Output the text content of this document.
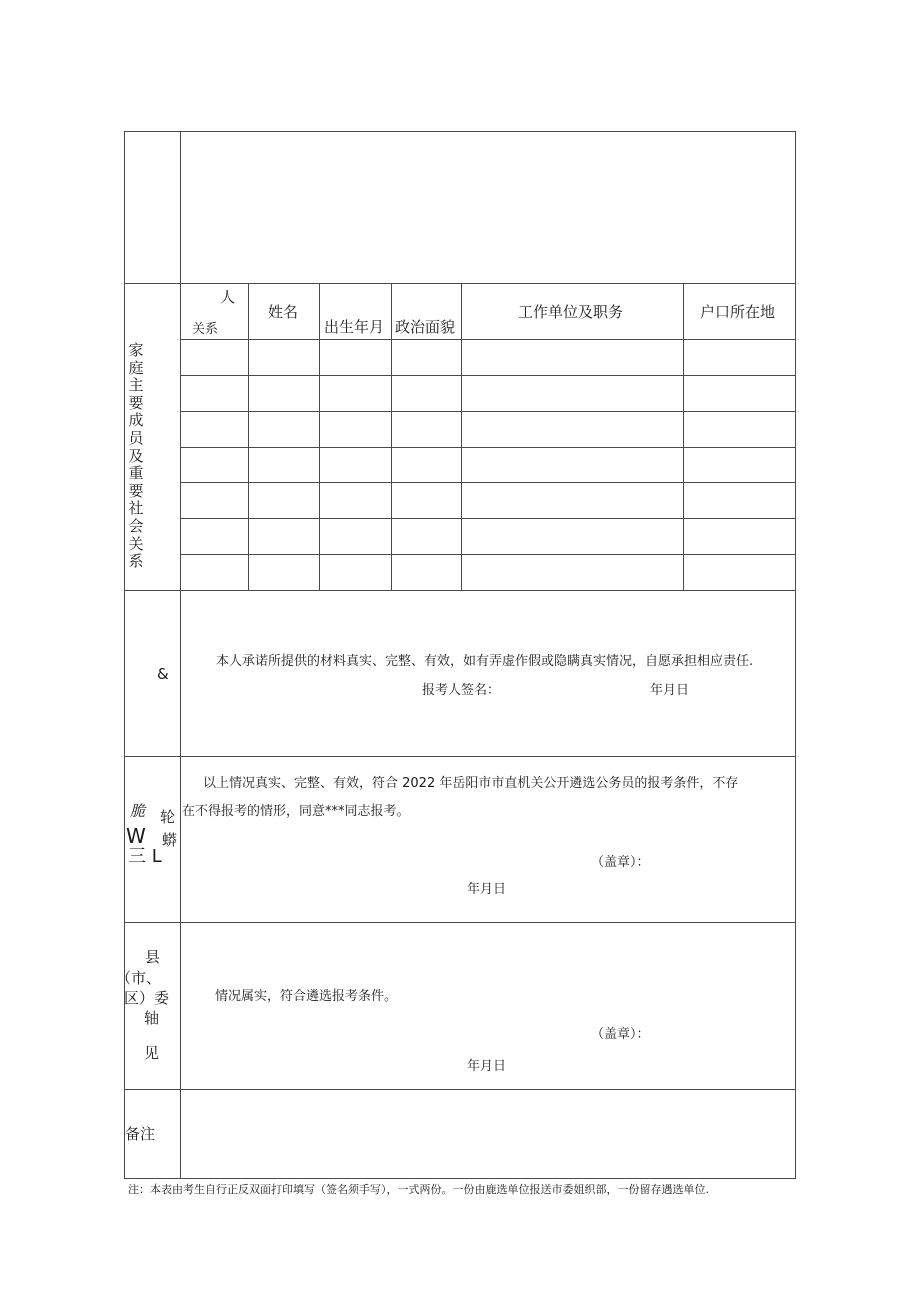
家
庭
主
要
成
员
及
重
要
社
会
关
系
人
关系
姓名
出生年月 政治面貌
工作单位及职务	户口所在地
&
本人承诺所提供的材料真实、完整、有效，如有弄虚作假或隐瞒真实情况，自愿承担相应责任.
报考人签名：	年月日
脆 轮
W 蟒
三 L
以上情况真实、完整、有效，符合 2022 年岳阳市市直机关公开遴选公务员的报考条件，不存
在不得报考的情形，同意***同志报考。
（盖章）：
年月日
县
（市、
区）委
轴
见
情况属实，符合遴选报考条件。
（盖章）：
年月日
备注
注：本表由考生自行正反双面打印填写（签名须手写），一式两份。一份由鹿选单位报送市委姐织部，一份留存遇选单位.
